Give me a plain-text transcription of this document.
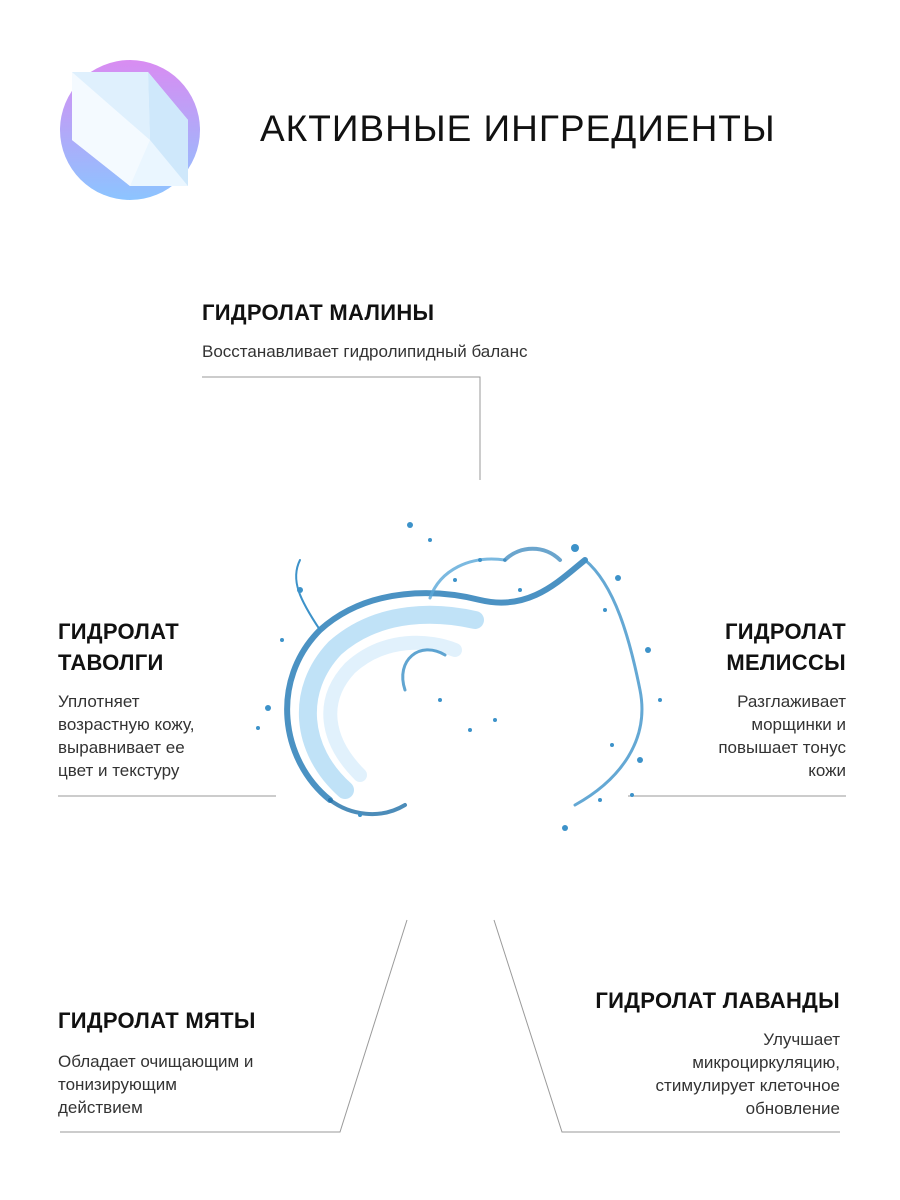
АКТИВНЫЕ ИНГРЕДИЕНТЫ
ГИДРОЛАТ МАЛИНЫ
Восстанавливает гидролипидный баланс
ГИДРОЛАТ
ТАВОЛГИ
Уплотняет
возрастную кожу,
выравнивает ее
цвет и текстуру
ГИДРОЛАТ
МЕЛИССЫ
Разглаживает
морщинки и
повышает тонус
кожи
ГИДРОЛАТ МЯТЫ
Обладает очищающим и
тонизирующим
действием
ГИДРОЛАТ ЛАВАНДЫ
Улучшает
микроциркуляцию,
стимулирует клеточное
обновление
